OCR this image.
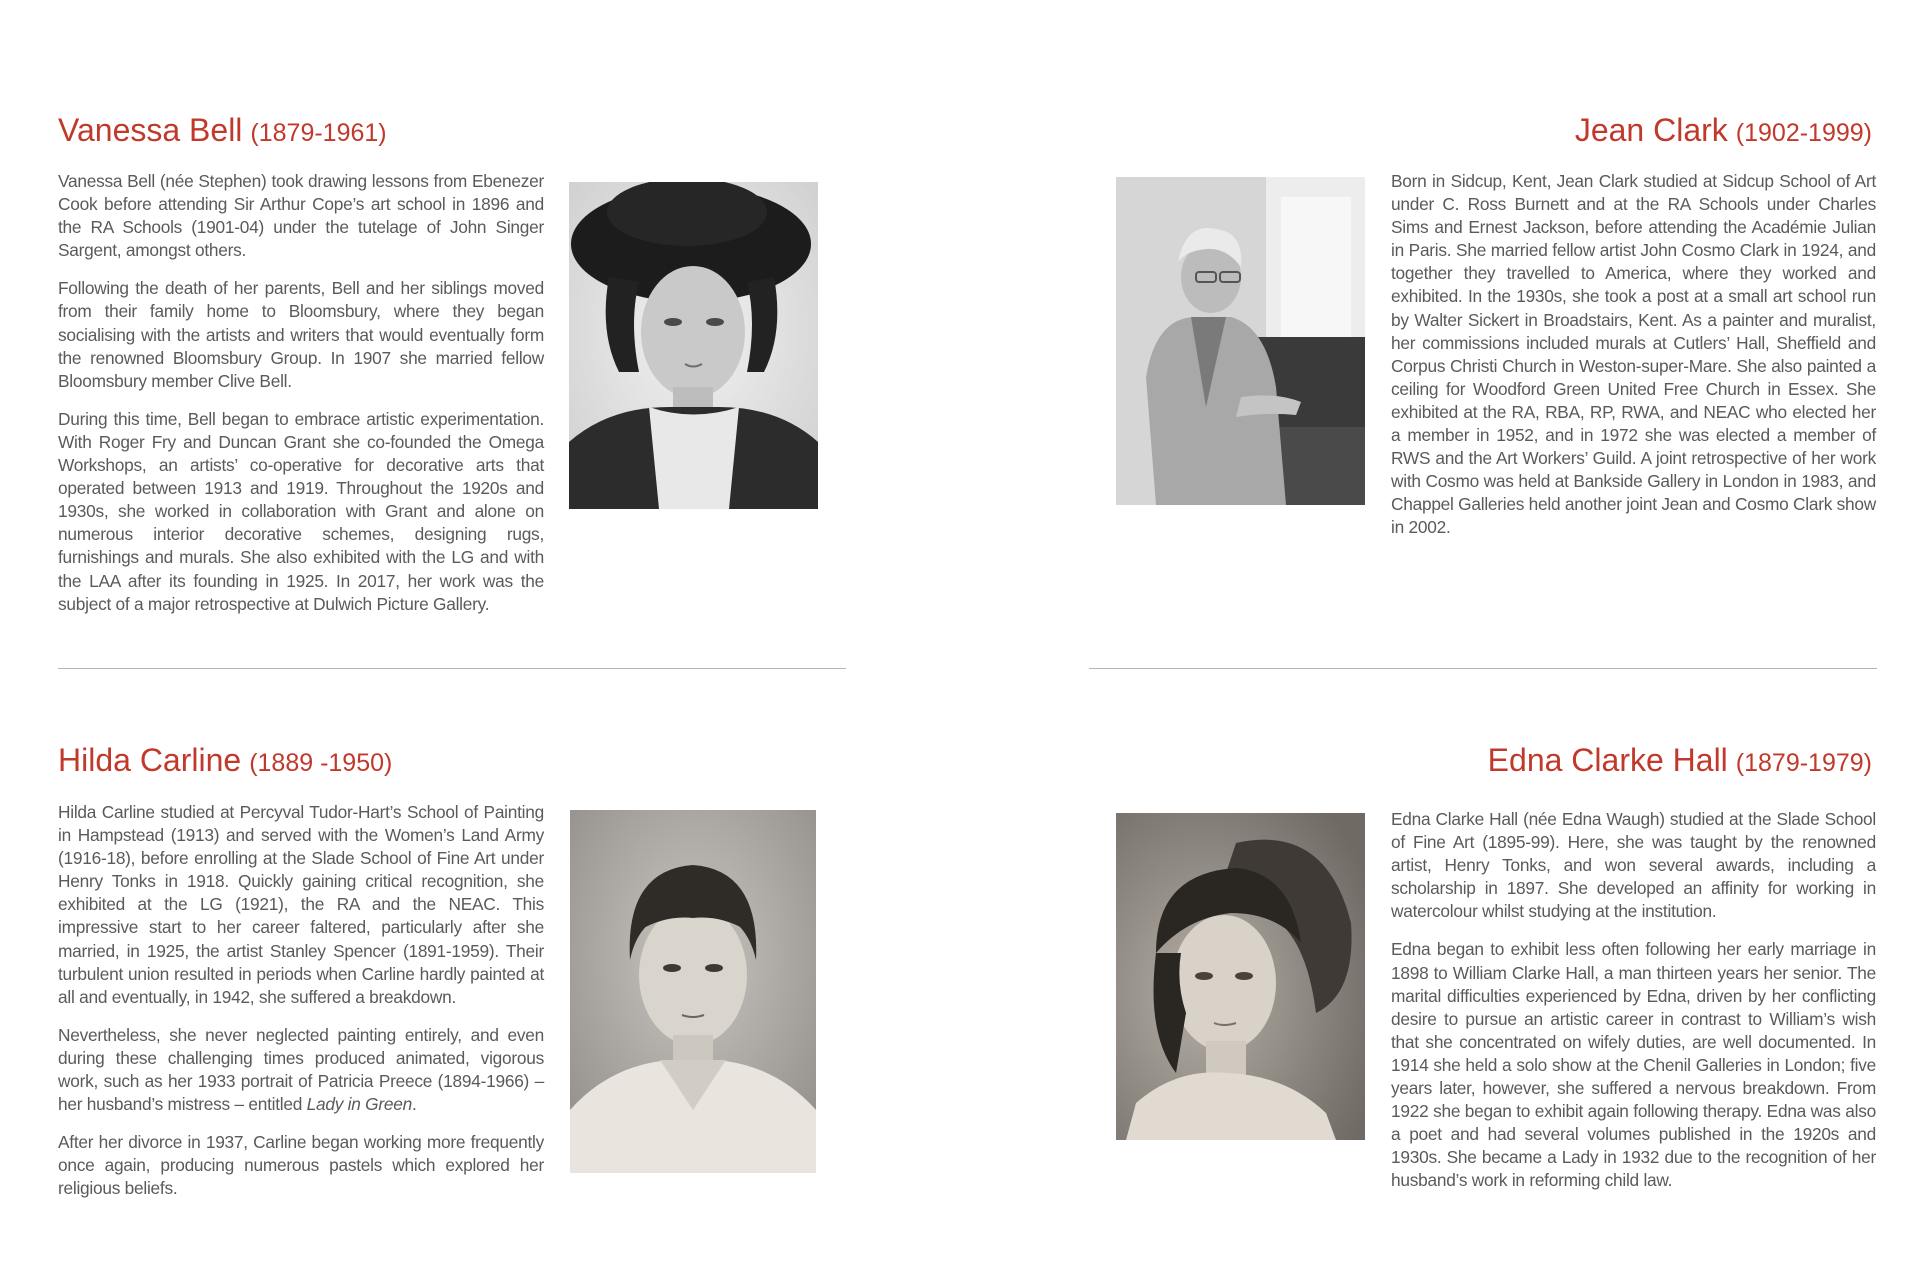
Vanessa Bell (1879-1961)

Vanessa Bell (née Stephen) took drawing lessons from Ebenezer Cook before attending Sir Arthur Cope’s art school in 1896 and the RA Schools (1901-04) under the tutelage of John Singer Sargent, amongst others.

Following the death of her parents, Bell and her siblings moved from their family home to Bloomsbury, where they began socialising with the artists and writers that would eventually form the renowned Bloomsbury Group. In 1907 she married fellow Bloomsbury member Clive Bell.

During this time, Bell began to embrace artistic experimentation. With Roger Fry and Duncan Grant she co-founded the Omega Workshops, an artists’ co-operative for decorative arts that operated between 1913 and 1919. Throughout the 1920s and 1930s, she worked in collaboration with Grant and alone on numerous interior decorative schemes, designing rugs, furnishings and murals. She also exhibited with the LG and with the LAA after its founding in 1925. In 2017, her work was the subject of a major retrospective at Dulwich Picture Gallery.

Jean Clark (1902-1999)

Born in Sidcup, Kent, Jean Clark studied at Sidcup School of Art under C. Ross Burnett and at the RA Schools under Charles Sims and Ernest Jackson, before attending the Académie Julian in Paris. She married fellow artist John Cosmo Clark in 1924, and together they travelled to America, where they worked and exhibited. In the 1930s, she took a post at a small art school run by Walter Sickert in Broadstairs, Kent. As a painter and muralist, her commissions included murals at Cutlers’ Hall, Sheffield and Corpus Christi Church in Weston-super-Mare. She also painted a ceiling for Woodford Green United Free Church in Essex. She exhibited at the RA, RBA, RP, RWA, and NEAC who elected her a member in 1952, and in 1972 she was elected a member of RWS and the Art Workers’ Guild. A joint retrospective of her work with Cosmo was held at Bankside Gallery in London in 1983, and Chappel Galleries held another joint Jean and Cosmo Clark show in 2002.

Hilda Carline (1889 -1950)

Hilda Carline studied at Percyval Tudor-Hart’s School of Painting in Hampstead (1913) and served with the Women’s Land Army (1916-18), before enrolling at the Slade School of Fine Art under Henry Tonks in 1918. Quickly gaining critical recognition, she exhibited at the LG (1921), the RA and the NEAC. This impressive start to her career faltered, particularly after she married, in 1925, the artist Stanley Spencer (1891-1959). Their turbulent union resulted in periods when Carline hardly painted at all and eventually, in 1942, she suffered a breakdown.

Nevertheless, she never neglected painting entirely, and even during these challenging times produced animated, vigorous work, such as her 1933 portrait of Patricia Preece (1894-1966) – her husband’s mistress – entitled Lady in Green.

After her divorce in 1937, Carline began working more frequently once again, producing numerous pastels which explored her religious beliefs.

Edna Clarke Hall (1879-1979)

Edna Clarke Hall (née Edna Waugh) studied at the Slade School of Fine Art (1895-99). Here, she was taught by the renowned artist, Henry Tonks, and won several awards, including a scholarship in 1897. She developed an affinity for working in watercolour whilst studying at the institution.

Edna began to exhibit less often following her early marriage in 1898 to William Clarke Hall, a man thirteen years her senior. The marital difficulties experienced by Edna, driven by her conflicting desire to pursue an artistic career in contrast to William’s wish that she concentrated on wifely duties, are well documented. In 1914 she held a solo show at the Chenil Galleries in London; five years later, however, she suffered a nervous breakdown. From 1922 she began to exhibit again following therapy. Edna was also a poet and had several volumes published in the 1920s and 1930s. She became a Lady in 1932 due to the recognition of her husband’s work in reforming child law.
